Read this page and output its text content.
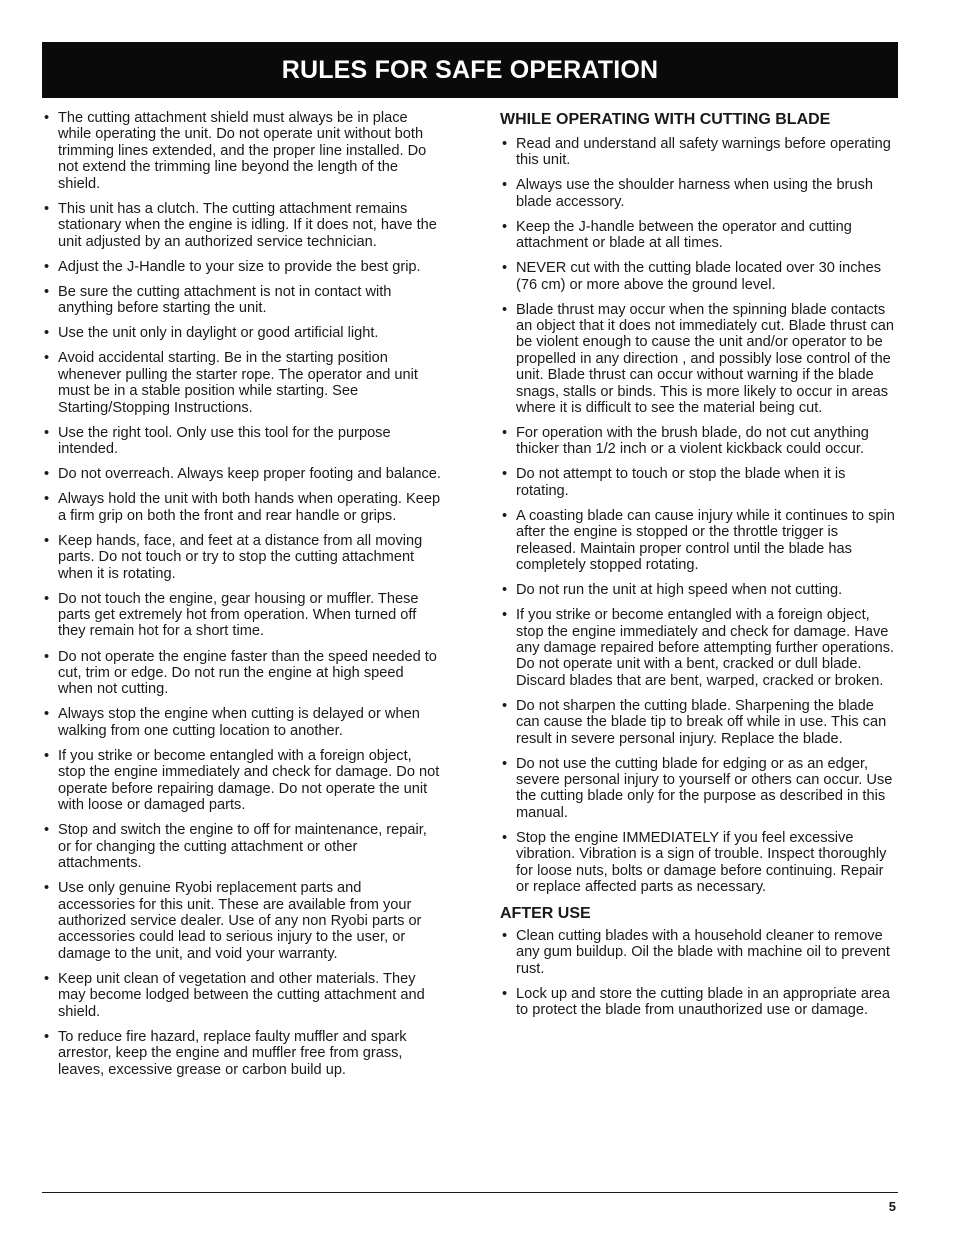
RULES FOR SAFE OPERATION
• The cutting attachment shield must always be in place while operating the unit. Do not operate unit without both trimming lines extended, and the proper line installed. Do not extend the trimming line beyond the length of the shield.
• This unit has a clutch. The cutting attachment remains stationary when the engine is idling. If it does not, have the unit adjusted by an authorized service technician.
• Adjust the J-Handle to your size to provide the best grip.
• Be sure the cutting attachment is not in contact with anything before starting the unit.
• Use the unit only in daylight or good artificial light.
• Avoid accidental starting. Be in the starting position whenever pulling the starter rope. The operator and unit must be in a stable position while starting. See Starting/Stopping Instructions.
• Use the right tool. Only use this tool for the purpose intended.
• Do not overreach. Always keep proper footing and balance.
• Always hold the unit with both hands when operating. Keep a firm grip on both the front and rear handle or grips.
• Keep hands, face, and feet at a distance from all moving parts. Do not touch or try to stop the cutting attachment when it is rotating.
• Do not touch the engine, gear housing or muffler. These parts get extremely hot from operation. When turned off they remain hot for a short time.
• Do not operate the engine faster than the speed needed to cut, trim or edge. Do not run the engine at high speed when not cutting.
• Always stop the engine when cutting is delayed or when walking from one cutting location to another.
• If you strike or become entangled with a foreign object, stop the engine immediately and check for damage. Do not operate before repairing damage. Do not operate the unit with loose or damaged parts.
• Stop and switch the engine to off for maintenance, repair, or for changing the cutting attachment or other attachments.
• Use only genuine Ryobi replacement parts and accessories for this unit. These are available from your authorized service dealer. Use of any non Ryobi parts or accessories could lead to serious injury to the user, or damage to the unit, and void your warranty.
• Keep unit clean of vegetation and other materials. They may become lodged between the cutting attachment and shield.
• To reduce fire hazard, replace faulty muffler and spark arrestor, keep the engine and muffler free from grass, leaves, excessive grease or carbon build up.
WHILE OPERATING WITH CUTTING BLADE
• Read and understand all safety warnings before operating this unit.
• Always use the shoulder harness when using the brush blade accessory.
• Keep the J-handle between the operator and cutting attachment or blade at all times.
• NEVER cut with the cutting blade located over 30 inches (76 cm) or more above the ground level.
• Blade thrust may occur when the spinning blade contacts an object that it does not immediately cut. Blade thrust can be violent enough to cause the unit and/or operator to be propelled in any direction , and possibly lose control of the unit. Blade thrust can occur without warning if the blade snags, stalls or binds. This is more likely to occur in areas where it is difficult to see the material being cut.
• For operation with the brush blade, do not cut anything thicker than 1/2 inch or a violent kickback could occur.
• Do not attempt to touch or stop the blade when it is rotating.
• A coasting blade can cause injury while it continues to spin after the engine is stopped or the throttle trigger is released. Maintain proper control until the blade has completely stopped rotating.
• Do not run the unit at high speed when not cutting.
• If you strike or become entangled with a foreign object, stop the engine immediately and check for damage. Have any damage repaired before attempting further operations. Do not operate unit with a bent, cracked or dull blade. Discard blades that are bent, warped, cracked or broken.
• Do not sharpen the cutting blade. Sharpening the blade can cause the blade tip to break off while in use. This can result in severe personal injury. Replace the blade.
• Do not use the cutting blade for edging or as an edger, severe personal injury to yourself or others can occur. Use the cutting blade only for the purpose as described in this manual.
• Stop the engine IMMEDIATELY if you feel excessive vibration. Vibration is a sign of trouble. Inspect thoroughly for loose nuts, bolts or damage before continuing. Repair or replace affected parts as necessary.
AFTER USE
• Clean cutting blades with a household cleaner to remove any gum buildup. Oil the blade with machine oil to prevent rust.
• Lock up and store the cutting blade in an appropriate area to protect the blade from unauthorized use or damage.
5
